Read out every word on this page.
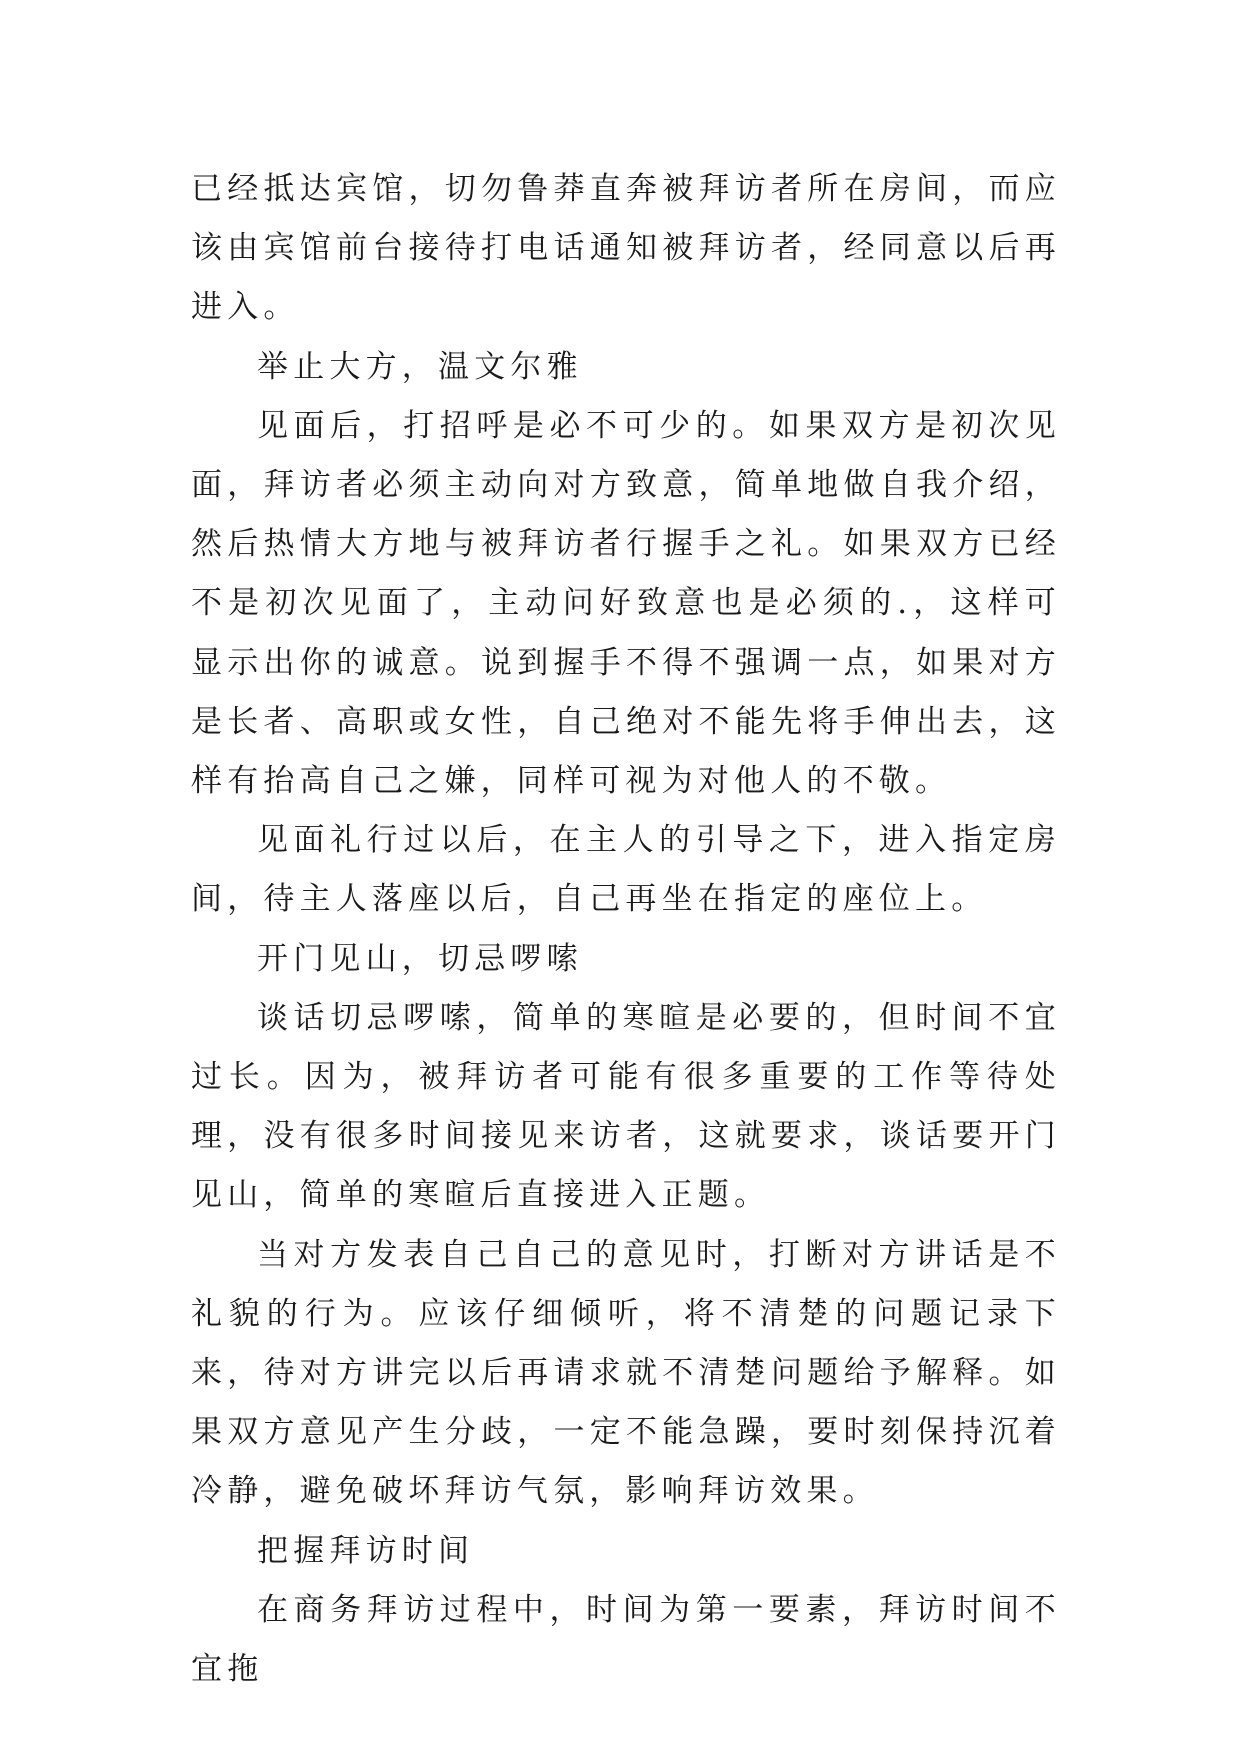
已经抵达宾馆，切勿鲁莽直奔被拜访者所在房间，而应该由宾馆前台接待打电话通知被拜访者，经同意以后再进入。

举止大方，温文尔雅

见面后，打招呼是必不可少的。如果双方是初次见面，拜访者必须主动向对方致意，简单地做自我介绍，然后热情大方地与被拜访者行握手之礼。如果双方已经不是初次见面了，主动问好致意也是必须的.，这样可显示出你的诚意。说到握手不得不强调一点，如果对方是长者、高职或女性，自己绝对不能先将手伸出去，这样有抬高自己之嫌，同样可视为对他人的不敬。

见面礼行过以后，在主人的引导之下，进入指定房间，待主人落座以后，自己再坐在指定的座位上。

开门见山，切忌啰嗦

谈话切忌啰嗦，简单的寒暄是必要的，但时间不宜过长。因为，被拜访者可能有很多重要的工作等待处理，没有很多时间接见来访者，这就要求，谈话要开门见山，简单的寒暄后直接进入正题。

当对方发表自己自己的意见时，打断对方讲话是不礼貌的行为。应该仔细倾听，将不清楚的问题记录下来，待对方讲完以后再请求就不清楚问题给予解释。如果双方意见产生分歧，一定不能急躁，要时刻保持沉着冷静，避免破坏拜访气氛，影响拜访效果。

把握拜访时间

在商务拜访过程中，时间为第一要素，拜访时间不宜拖
